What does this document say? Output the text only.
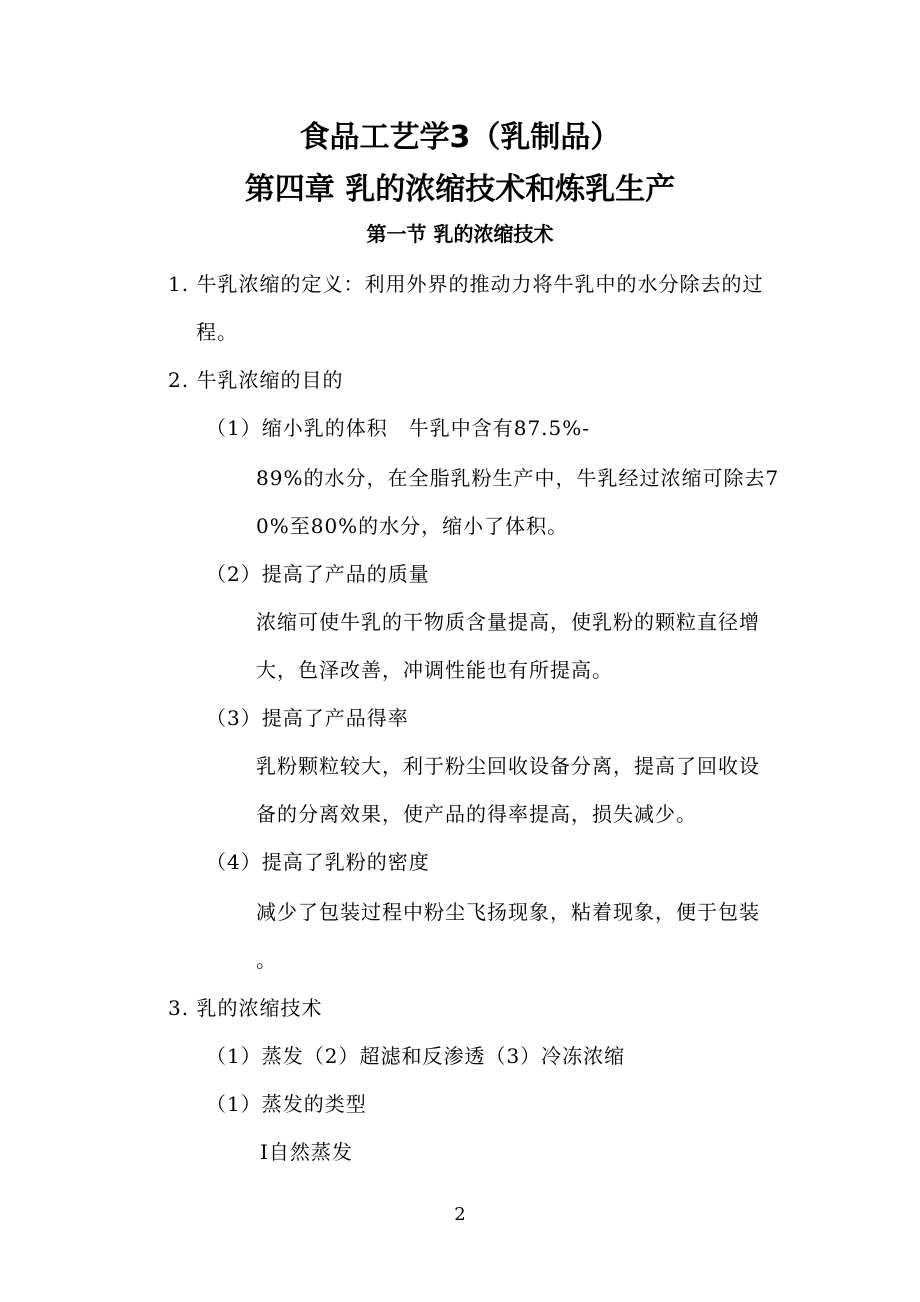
食品工艺学3（乳制品）
第四章 乳的浓缩技术和炼乳生产
第一节 乳的浓缩技术
1. 牛乳浓缩的定义：利用外界的推动力将牛乳中的水分除去的过
程。
2. 牛乳浓缩的目的
（1）缩小乳的体积　牛乳中含有87.5%-
89%的水分，在全脂乳粉生产中，牛乳经过浓缩可除去7
0%至80%的水分，缩小了体积。
（2）提高了产品的质量
浓缩可使牛乳的干物质含量提高，使乳粉的颗粒直径增
大，色泽改善，冲调性能也有所提高。
（3）提高了产品得率
乳粉颗粒较大，利于粉尘回收设备分离，提高了回收设
备的分离效果，使产品的得率提高，损失减少。
（4）提高了乳粉的密度
减少了包装过程中粉尘飞扬现象，粘着现象，便于包装
。
3. 乳的浓缩技术
（1）蒸发（2）超滤和反渗透（3）冷冻浓缩
（1）蒸发的类型
Ⅰ自然蒸发
2
